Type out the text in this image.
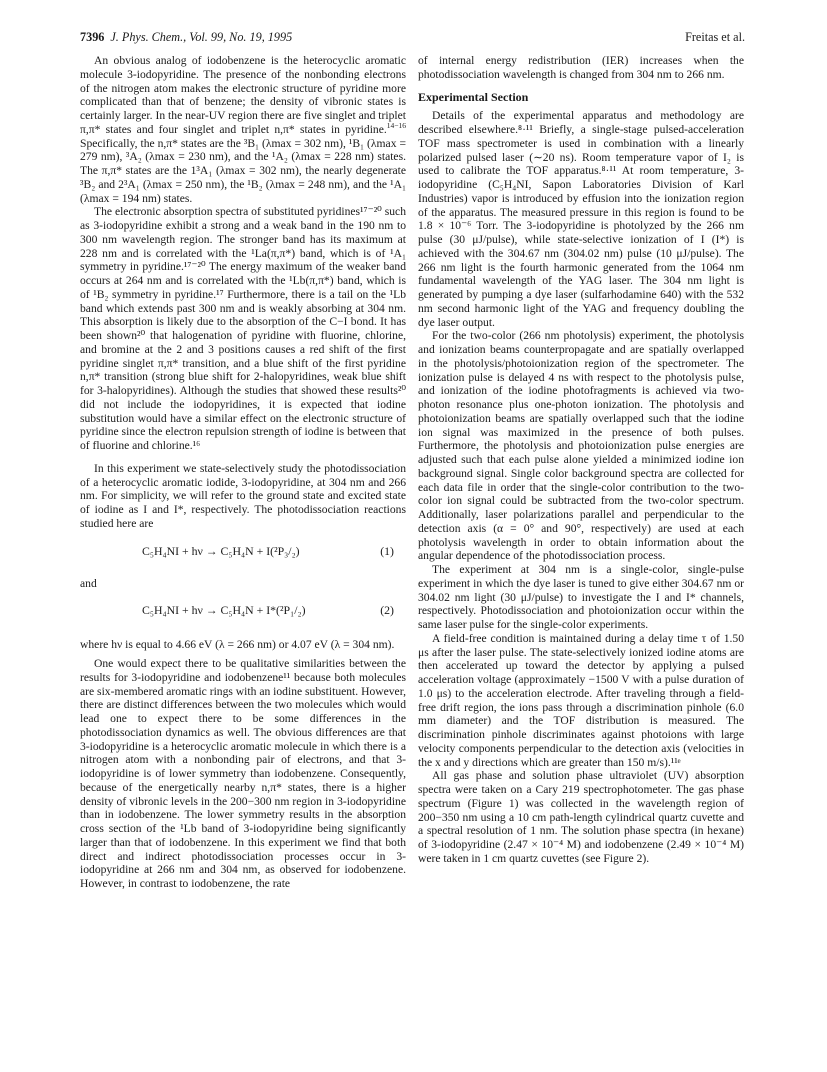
7396 J. Phys. Chem., Vol. 99, No. 19, 1995	Freitas et al.

An obvious analog of iodobenzene is the heterocyclic aromatic molecule 3-iodopyridine. The presence of the nonbonding electrons of the nitrogen atom makes the electronic structure of pyridine more complicated than that of benzene; the density of vibronic states is certainly larger. In the near-UV region there are five singlet and triplet π,π* states and four singlet and triplet n,π* states in pyridine.$^{14-16}$ Specifically, the n,π* states are the ³B₁ (λmax = 302 nm), ¹B₁ (λmax = 279 nm), ³A₂ (λmax = 230 nm), and the ¹A₂ (λmax = 228 nm) states. The π,π* states are the 1³A₁ (λmax = 302 nm), the nearly degenerate ³B₂ and 2³A₁ (λmax = 250 nm), the ¹B₂ (λmax = 248 nm), and the ¹A₁ (λmax = 194 nm) states.

The electronic absorption spectra of substituted pyridines¹⁷⁻²⁰ such as 3-iodopyridine exhibit a strong and a weak band in the 190 nm to 300 nm wavelength region. The stronger band has its maximum at 228 nm and is correlated with the ¹La(π,π*) band, which is of ¹A₁ symmetry in pyridine.¹⁷⁻²⁰ The energy maximum of the weaker band occurs at 264 nm and is correlated with the ¹Lb(π,π*) band, which is of ¹B₂ symmetry in pyridine.¹⁷ Furthermore, there is a tail on the ¹Lb band which extends past 300 nm and is weakly absorbing at 304 nm. This absorption is likely due to the absorption of the C−I bond. It has been shown²⁰ that halogenation of pyridine with fluorine, chlorine, and bromine at the 2 and 3 positions causes a red shift of the first pyridine singlet π,π* transition, and a blue shift of the first pyridine n,π* transition (strong blue shift for 2-halopyridines, weak blue shift for 3-halopyridines). Although the studies that showed these results²⁰ did not include the iodopyridines, it is expected that iodine substitution would have a similar effect on the electronic structure of pyridine since the electron repulsion strength of iodine is between that of fluorine and chlorine.¹⁶

In this experiment we state-selectively study the photodissociation of a heterocyclic aromatic iodide, 3-iodopyridine, at 304 nm and 266 nm. For simplicity, we will refer to the ground state and excited state of iodine as I and I*, respectively. The photodissociation reactions studied here are

C₅H₄NI + hν → C₅H₄N + I(²P₃/₂)	(1)

and

C₅H₄NI + hν → C₅H₄N + I*(²P₁/₂)	(2)

where hν is equal to 4.66 eV (λ = 266 nm) or 4.07 eV (λ = 304 nm).

One would expect there to be qualitative similarities between the results for 3-iodopyridine and iodobenzene¹¹ because both molecules are six-membered aromatic rings with an iodine substituent. However, there are distinct differences between the two molecules which would lead one to expect there to be some differences in the photodissociation dynamics as well. The obvious differences are that 3-iodopyridine is a heterocyclic aromatic molecule in which there is a nitrogen atom with a nonbonding pair of electrons, and that 3-iodopyridine is of lower symmetry than iodobenzene. Consequently, because of the energetically nearby n,π* states, there is a higher density of vibronic levels in the 200−300 nm region in 3-iodopyridine than in iodobenzene. The lower symmetry results in the absorption cross section of the ¹Lb band of 3-iodopyridine being significantly larger than that of iodobenzene. In this experiment we find that both direct and indirect photodissociation processes occur in 3-iodopyridine at 266 nm and 304 nm, as observed for iodobenzene. However, in contrast to iodobenzene, the rate

of internal energy redistribution (IER) increases when the photodissociation wavelength is changed from 304 nm to 266 nm.

Experimental Section

Details of the experimental apparatus and methodology are described elsewhere.⁸·¹¹ Briefly, a single-stage pulsed-acceleration TOF mass spectrometer is used in combination with a linearly polarized pulsed laser (∼20 ns). Room temperature vapor of I₂ is used to calibrate the TOF apparatus.⁸·¹¹ At room temperature, 3-iodopyridine (C₅H₄NI, Sapon Laboratories Division of Karl Industries) vapor is introduced by effusion into the ionization region of the apparatus. The measured pressure in this region is found to be 1.8 × 10⁻⁶ Torr. The 3-iodopyridine is photolyzed by the 266 nm pulse (30 μJ/pulse), while state-selective ionization of I (I*) is achieved with the 304.67 nm (304.02 nm) pulse (10 μJ/pulse). The 266 nm light is the fourth harmonic generated from the 1064 nm fundamental wavelength of the YAG laser. The 304 nm light is generated by pumping a dye laser (sulfarhodamine 640) with the 532 nm second harmonic light of the YAG and frequency doubling the dye laser output.

For the two-color (266 nm photolysis) experiment, the photolysis and ionization beams counterpropagate and are spatially overlapped in the photolysis/photoionization region of the spectrometer. The ionization pulse is delayed 4 ns with respect to the photolysis pulse, and ionization of the iodine photofragments is achieved via two-photon resonance plus one-photon ionization. The photolysis and photoionization beams are spatially overlapped such that the iodine ion signal was maximized in the presence of both pulses. Furthermore, the photolysis and photoionization pulse energies are adjusted such that each pulse alone yielded a minimized iodine ion background signal. Single color background spectra are collected for each data file in order that the single-color contribution to the two-color ion signal could be subtracted from the two-color spectrum. Additionally, laser polarizations parallel and perpendicular to the detection axis (α = 0° and 90°, respectively) are used at each photolysis wavelength in order to obtain information about the angular dependence of the photodissociation process.

The experiment at 304 nm is a single-color, single-pulse experiment in which the dye laser is tuned to give either 304.67 nm or 304.02 nm light (30 μJ/pulse) to investigate the I and I* channels, respectively. Photodissociation and photoionization occur within the same laser pulse for the single-color experiments.

A field-free condition is maintained during a delay time τ of 1.50 μs after the laser pulse. The state-selectively ionized iodine atoms are then accelerated up toward the detector by applying a pulsed acceleration voltage (approximately −1500 V with a pulse duration of 1.0 μs) to the acceleration electrode. After traveling through a field-free drift region, the ions pass through a discrimination pinhole (6.0 mm diameter) and the TOF distribution is measured. The discrimination pinhole discriminates against photoions with large velocity components perpendicular to the detection axis (velocities in the x and y directions which are greater than 150 m/s).¹¹ᵉ

All gas phase and solution phase ultraviolet (UV) absorption spectra were taken on a Cary 219 spectrophotometer. The gas phase spectrum (Figure 1) was collected in the wavelength region of 200−350 nm using a 10 cm path-length cylindrical quartz cuvette and a spectral resolution of 1 nm. The solution phase spectra (in hexane) of 3-iodopyridine (2.47 × 10⁻⁴ M) and iodobenzene (2.49 × 10⁻⁴ M) were taken in 1 cm quartz cuvettes (see Figure 2).
